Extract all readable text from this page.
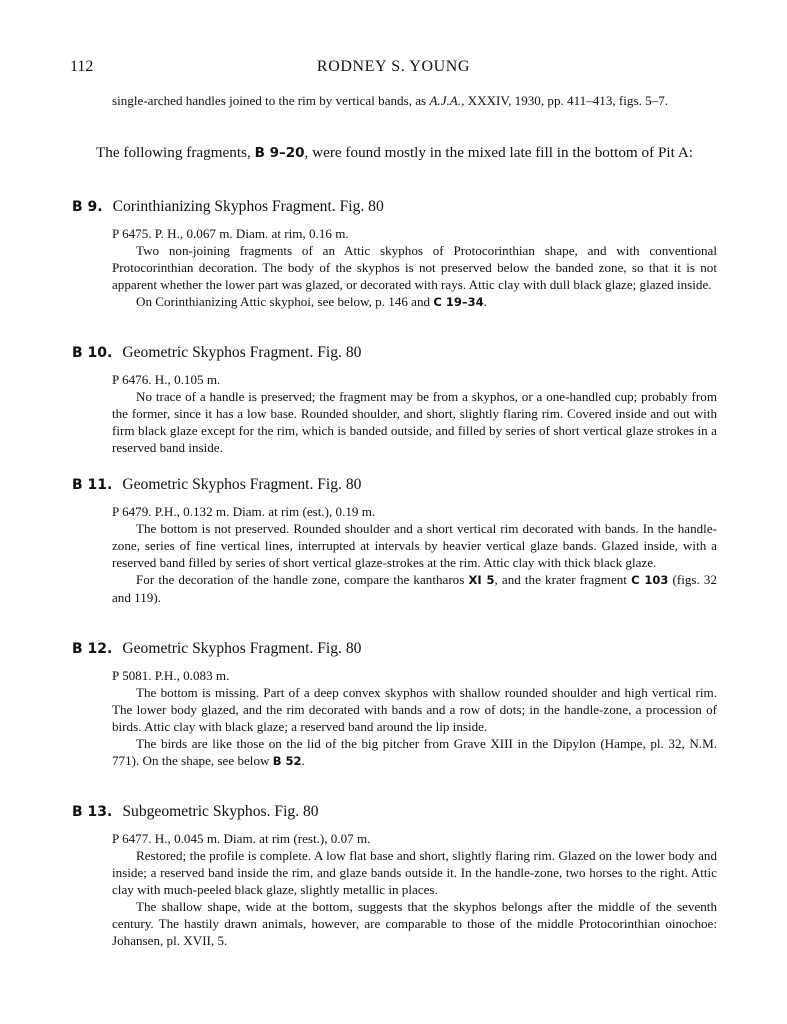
112	RODNEY S. YOUNG

single-arched handles joined to the rim by vertical bands, as A.J.A., XXXIV, 1930, pp. 411–413, figs. 5–7.

The following fragments, B 9–20, were found mostly in the mixed late fill in the bottom of Pit A:

B 9. Corinthianizing Skyphos Fragment. Fig. 80

P 6475. P. H., 0.067 m. Diam. at rim, 0.16 m.

Two non-joining fragments of an Attic skyphos of Protocorinthian shape, and with conventional Protocorinthian decoration. The body of the skyphos is not preserved below the banded zone, so that it is not apparent whether the lower part was glazed, or decorated with rays. Attic clay with dull black glaze; glazed inside.

On Corinthianizing Attic skyphoi, see below, p. 146 and C 19–34.

B 10. Geometric Skyphos Fragment. Fig. 80

P 6476. H., 0.105 m.

No trace of a handle is preserved; the fragment may be from a skyphos, or a one-handled cup; probably from the former, since it has a low base. Rounded shoulder, and short, slightly flaring rim. Covered inside and out with firm black glaze except for the rim, which is banded outside, and filled by series of short vertical glaze strokes in a reserved band inside.

B 11. Geometric Skyphos Fragment. Fig. 80

P 6479. P.H., 0.132 m. Diam. at rim (est.), 0.19 m.

The bottom is not preserved. Rounded shoulder and a short vertical rim decorated with bands. In the handle-zone, series of fine vertical lines, interrupted at intervals by heavier vertical glaze bands. Glazed inside, with a reserved band filled by series of short vertical glaze-strokes at the rim. Attic clay with thick black glaze.

For the decoration of the handle zone, compare the kantharos XI 5, and the krater fragment C 103 (figs. 32 and 119).

B 12. Geometric Skyphos Fragment. Fig. 80

P 5081. P.H., 0.083 m.

The bottom is missing. Part of a deep convex skyphos with shallow rounded shoulder and high vertical rim. The lower body glazed, and the rim decorated with bands and a row of dots; in the handle-zone, a procession of birds. Attic clay with black glaze; a reserved band around the lip inside.

The birds are like those on the lid of the big pitcher from Grave XIII in the Dipylon (Hampe, pl. 32, N.M. 771). On the shape, see below B 52.

B 13. Subgeometric Skyphos. Fig. 80

P 6477. H., 0.045 m. Diam. at rim (rest.), 0.07 m.

Restored; the profile is complete. A low flat base and short, slightly flaring rim. Glazed on the lower body and inside; a reserved band inside the rim, and glaze bands outside it. In the handle-zone, two horses to the right. Attic clay with much-peeled black glaze, slightly metallic in places.

The shallow shape, wide at the bottom, suggests that the skyphos belongs after the middle of the seventh century. The hastily drawn animals, however, are comparable to those of the middle Protocorinthian oinochoe: Johansen, pl. XVII, 5.
